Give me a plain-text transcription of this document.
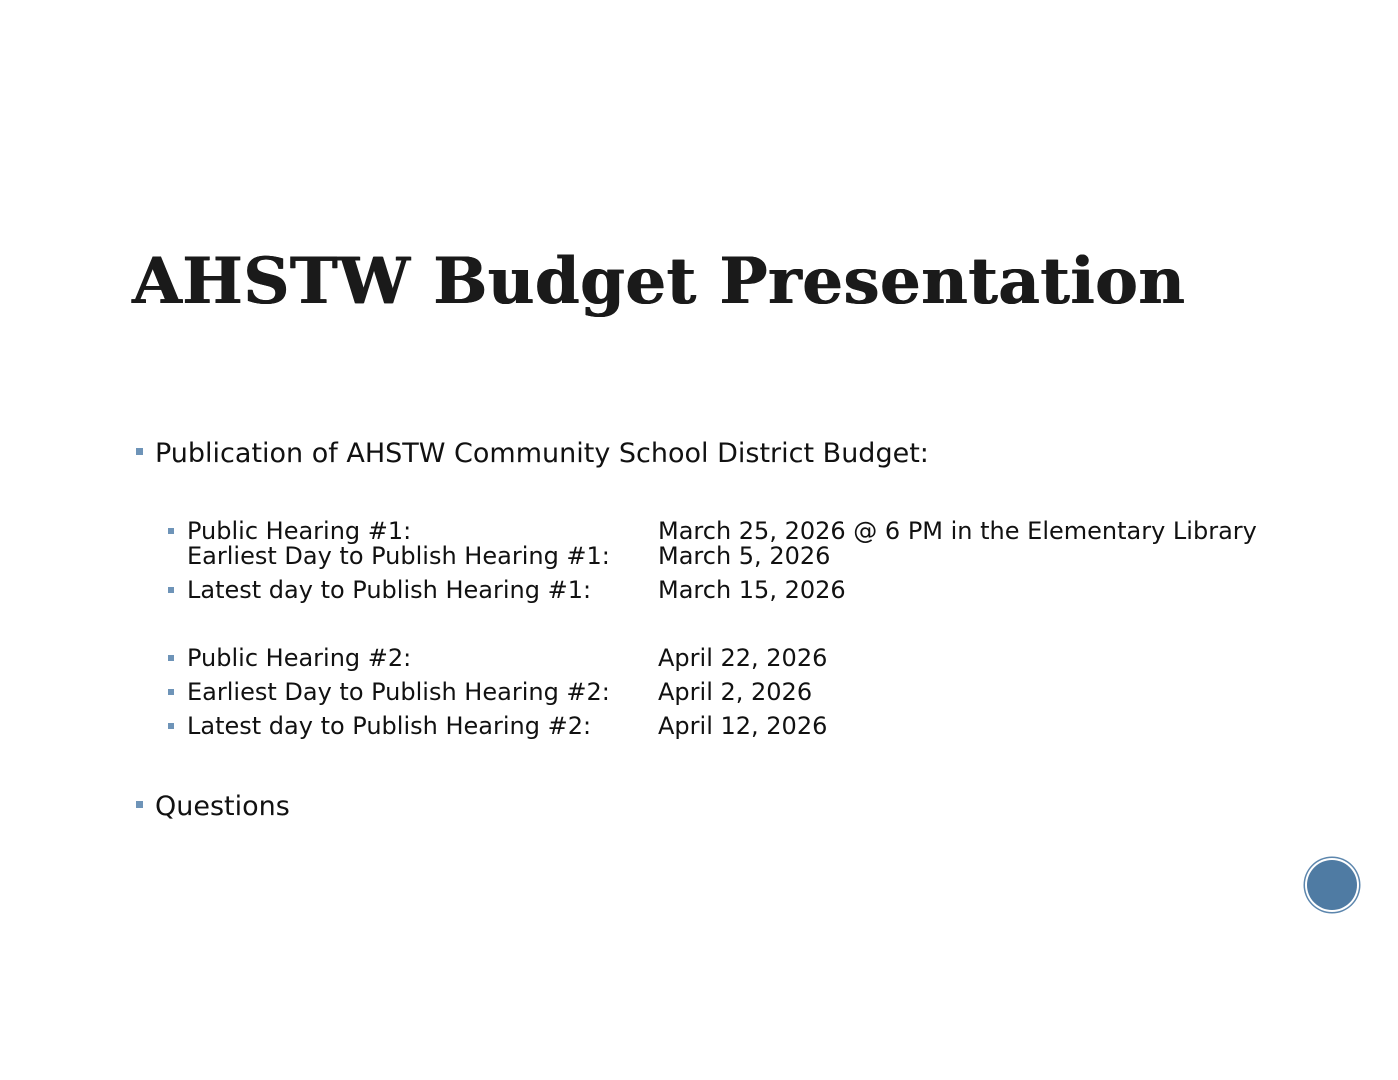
AHSTW Budget Presentation
Publication of AHSTW Community School District Budget:
Public Hearing #1:	March 25, 2026 @ 6 PM in the Elementary Library
Earliest Day to Publish Hearing #1: March 5, 2026
Latest day to Publish Hearing #1:	March 15, 2026
Public Hearing #2:	April 22, 2026
Earliest Day to Publish Hearing #2: April 2, 2026
Latest day to Publish Hearing #2:	April 12, 2026
Questions
